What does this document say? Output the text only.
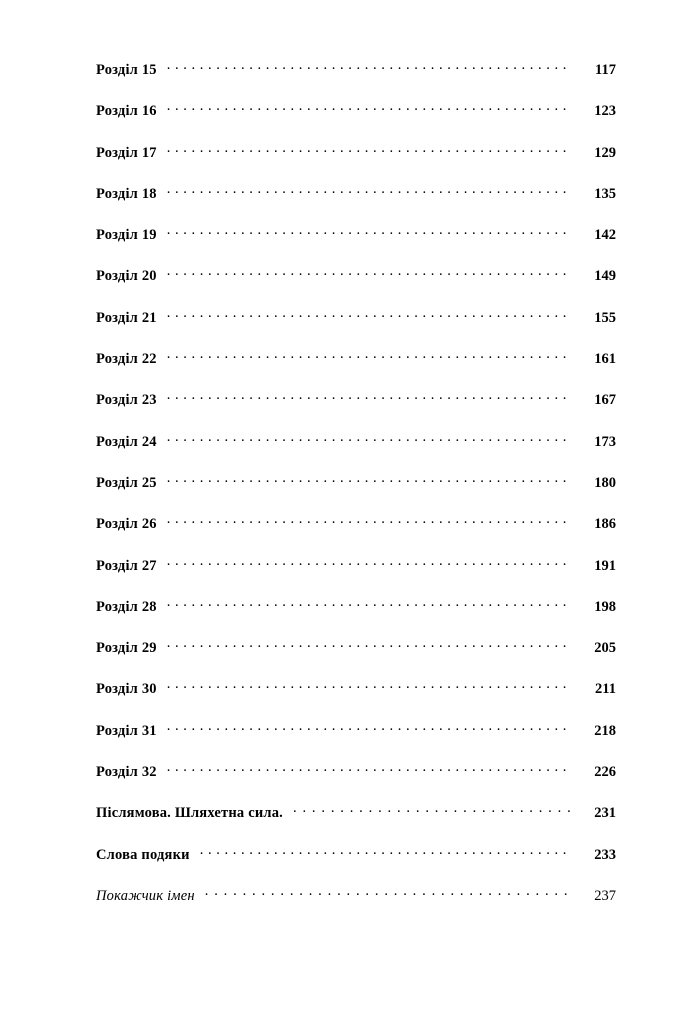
Розділ 15 . . .	117
Розділ 16 . . .	123
Розділ 17 . . .	129
Розділ 18 . . .	135
Розділ 19 . . .	142
Розділ 20 . . .	149
Розділ 21 . . .	155
Розділ 22 . . .	161
Розділ 23 . . .	167
Розділ 24 . . .	173
Розділ 25 . . .	180
Розділ 26 . . .	186
Розділ 27 . . .	191
Розділ 28 . . .	198
Розділ 29 . . .	205
Розділ 30 . . .	211
Розділ 31 . . .	218
Розділ 32 . . .	226
Післямова. Шляхетна сила. . . .	231
Слова подяки . . .	233
Покажчик імен . . .	237
